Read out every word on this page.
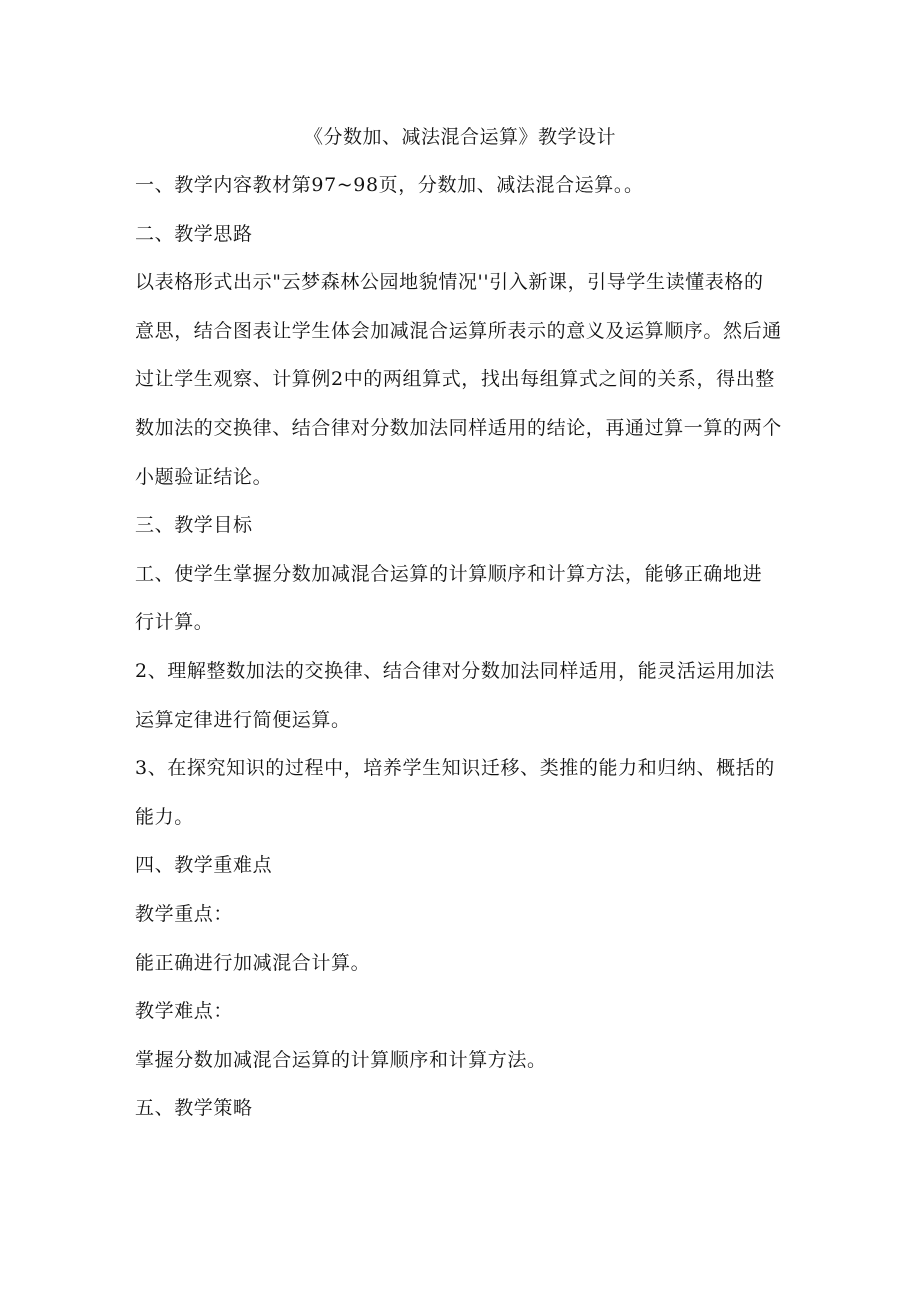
《分数加、减法混合运算》教学设计
一、教学内容教材第97~98页，分数加、减法混合运算。。
二、教学思路
以表格形式出示"云梦森林公园地貌情况''引入新课，引导学生读懂表格的
意思，结合图表让学生体会加减混合运算所表示的意义及运算顺序。然后通
过让学生观察、计算例2中的两组算式，找出每组算式之间的关系，得出整
数加法的交换律、结合律对分数加法同样适用的结论，再通过算一算的两个
小题验证结论。
三、教学目标
工、使学生掌握分数加减混合运算的计算顺序和计算方法，能够正确地进
行计算。
2、理解整数加法的交换律、结合律对分数加法同样适用，能灵活运用加法
运算定律进行简便运算。
3、在探究知识的过程中，培养学生知识迁移、类推的能力和归纳、概括的
能力。
四、教学重难点
教学重点：
能正确进行加减混合计算。
教学难点：
掌握分数加减混合运算的计算顺序和计算方法。
五、教学策略
